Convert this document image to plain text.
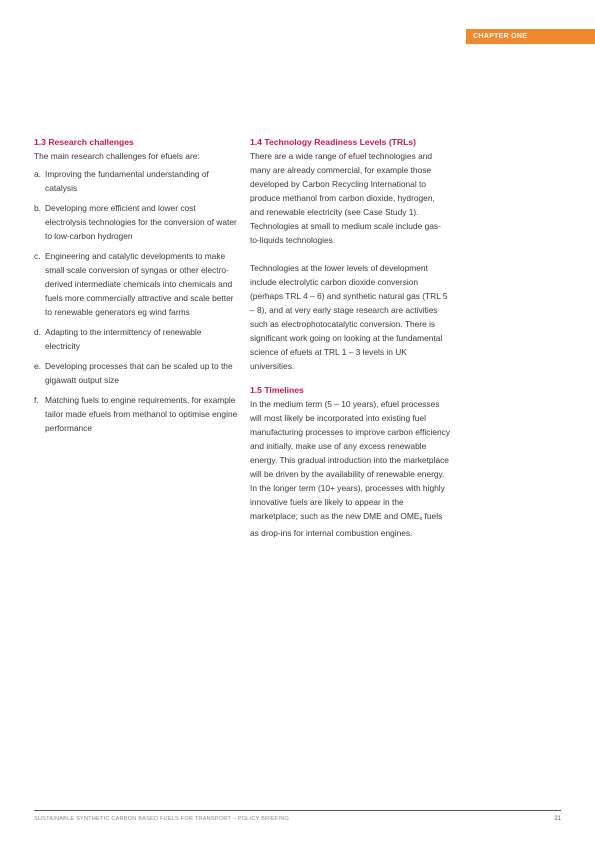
CHAPTER ONE
1.3 Research challenges

The main research challenges for efuels are:

a. Improving the fundamental understanding of catalysis
b. Developing more efficient and lower cost electrolysis technologies for the conversion of water to low-carbon hydrogen
c. Engineering and catalytic developments to make small scale conversion of syngas or other electro-derived intermediate chemicals into chemicals and fuels more commercially attractive and scale better to renewable generators eg wind farms
d. Adapting to the intermittency of renewable electricity
e. Developing processes that can be scaled up to the gigawatt output size
f. Matching fuels to engine requirements, for example tailor made efuels from methanol to optimise engine performance
1.4 Technology Readiness Levels (TRLs)

There are a wide range of efuel technologies and many are already commercial, for example those developed by Carbon Recycling International to produce methanol from carbon dioxide, hydrogen, and renewable electricity (see Case Study 1). Technologies at small to medium scale include gas-to-liquids technologies.

Technologies at the lower levels of development include electrolytic carbon dioxide conversion (perhaps TRL 4 – 6) and synthetic natural gas (TRL 5 – 8), and at very early stage research are activities such as electrophotocatalytic conversion. There is significant work going on looking at the fundamental science of efuels at TRL 1 – 3 levels in UK universities.

1.5 Timelines

In the medium term (5 – 10 years), efuel processes will most likely be incorporated into existing fuel manufacturing processes to improve carbon efficiency and initially, make use of any excess renewable energy. This gradual introduction into the marketplace will be driven by the availability of renewable energy. In the longer term (10+ years), processes with highly innovative fuels are likely to appear in the marketplace; such as the new DME and OMEx fuels as drop-ins for internal combustion engines.

SUSTAINABLE SYNTHETIC CARBON BASED FUELS FOR TRANSPORT – POLICY BRIEFING	21
